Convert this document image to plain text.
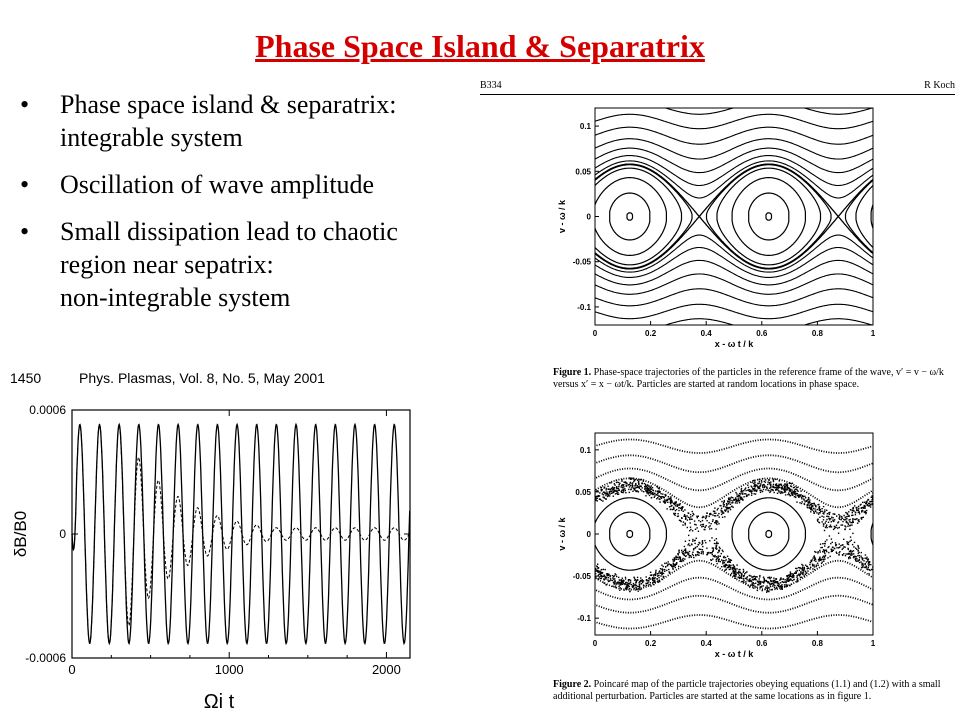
Phase Space Island & Separatrix
• Phase space island & separatrix:
integrable system
• Oscillation of wave amplitude
• Small dissipation lead to chaotic
region near sepatrix:
non-integrable system
1450	Phys. Plasmas, Vol. 8, No. 5, May 2001
B334	R Koch
0	1000	2000
0.0006
0
-0.0006
δB/B0
Ωi t
0	0.2	0.4	0.6	0.8	1
0.1
0.05
0
-0.05
-0.1
x - ω t / k
v - ω / k
0	0.2	0.4	0.6	0.8	1
0.1
0.05
0
-0.05
-0.1
x - ω t / k
v - ω / k
Figure 1. Phase-space trajectories of the particles in the reference frame of the wave, v′ = v − ω/k
versus x′ = x − ωt/k. Particles are started at random locations in phase space.
Figure 2. Poincaré map of the particle trajectories obeying equations (1.1) and (1.2) with a small
additional perturbation. Particles are started at the same locations as in figure 1.
